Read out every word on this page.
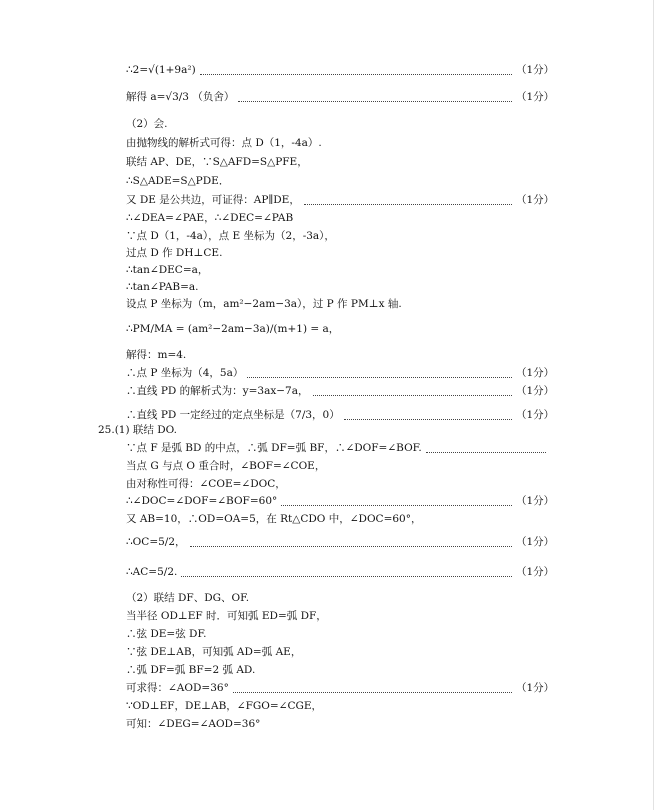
∴2=√(1+9a²)	（1分）
解得 a=√3/3 （负舍）	（1分）
（2）会.
由抛物线的解析式可得：点 D（1，-4a）.
联结 AP、DE，∵S△AFD=S△PFE，
∴S△ADE=S△PDE．
又 DE 是公共边，可证得：AP∥DE，	（1分）
∴∠DEA=∠PAE，∴∠DEC=∠PAB
∵点 D（1，-4a），点 E 坐标为（2，-3a），
过点 D 作 DH⊥CE.
∴tan∠DEC=a，
∴tan∠PAB=a.
设点 P 坐标为（m，am²−2am−3a），过 P 作 PM⊥x 轴.
∴PM/MA = (am²−2am−3a)/(m+1) = a，
解得：m=4.
∴点 P 坐标为（4，5a）	（1分）
∴直线 PD 的解析式为：y=3ax−7a，	（1分）
∴直线 PD 一定经过的定点坐标是（7/3，0）	（1分）
25.(1) 联结 DO.
∵点 F 是弧 BD 的中点，∴弧 DF=弧 BF，∴∠DOF=∠BOF.
当点 G 与点 O 重合时，∠BOF=∠COE，
由对称性可得：∠COE=∠DOC，
∴∠DOC=∠DOF=∠BOF=60°	（1分）
又 AB=10，∴OD=OA=5，在 Rt△CDO 中，∠DOC=60°，
∴OC=5/2，	（1分）
∴AC=5/2.	（1分）
（2）联结 DF、DG、OF.
当半径 OD⊥EF 时．可知弧 ED=弧 DF，
∴弦 DE=弦 DF.
∵弦 DE⊥AB，可知弧 AD=弧 AE，
∴弧 DF=弧 BF=2 弧 AD.
可求得：∠AOD=36°	（1分）
∵OD⊥EF，DE⊥AB，∠FGO=∠CGE，
可知：∠DEG=∠AOD=36°
